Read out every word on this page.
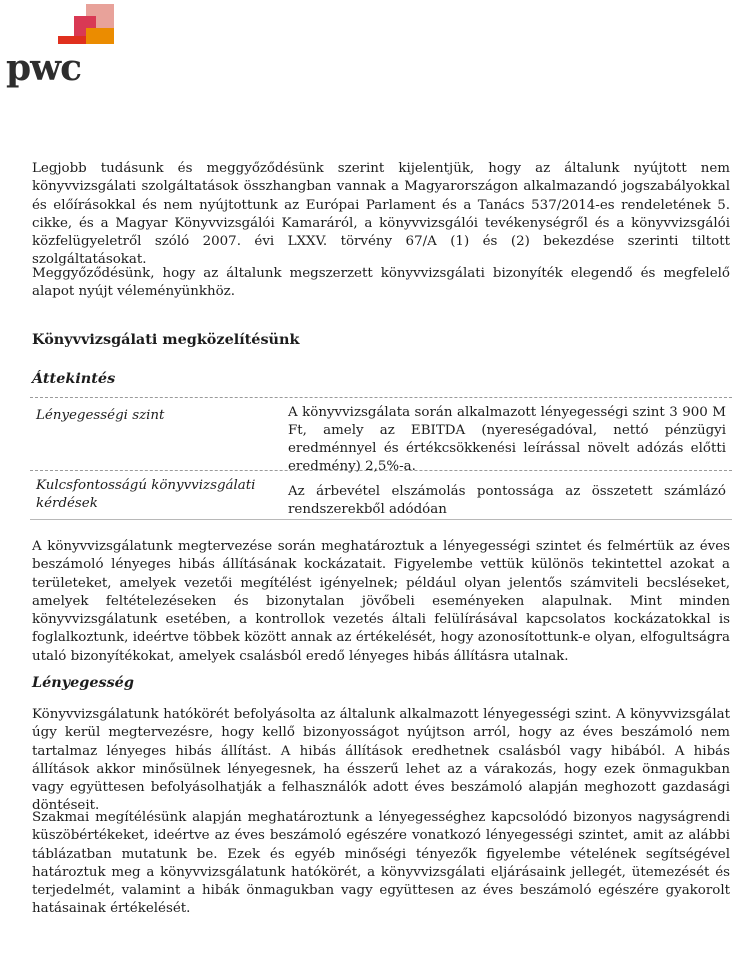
pwc

Legjobb tudásunk és meggyőződésünk szerint kijelentjük, hogy az általunk nyújtott nem könyvvizsgálati szolgáltatások összhangban vannak a Magyarországon alkalmazandó jogszabályokkal és előírásokkal és nem nyújtottunk az Európai Parlament és a Tanács 537/2014-es rendeletének 5. cikke, és a Magyar Könyvvizsgálói Kamaráról, a könyvvizsgálói tevékenységről és a könyvvizsgálói közfelügyeletről szóló 2007. évi LXXV. törvény 67/A (1) és (2) bekezdése szerinti tiltott szolgáltatásokat.

Meggyőződésünk, hogy az általunk megszerzett könyvvizsgálati bizonyíték elegendő és megfelelő alapot nyújt véleményünkhöz.

Könyvvizsgálati megközelítésünk
Áttekintés
Lényegességi szint	A könyvvizsgálata során alkalmazott lényegességi szint 3 900 M Ft, amely az EBITDA (nyereségadóval, nettó pénzügyi eredménnyel és értékcsökkenési leírással növelt adózás előtti eredmény) 2,5%-a.
Kulcsfontosságú könyvvizsgálati kérdések
Az árbevétel elszámolás pontossága az összetett számlázó rendszerekből adódóan

A könyvvizsgálatunk megtervezése során meghatároztuk a lényegességi szintet és felmértük az éves beszámoló lényeges hibás állításának kockázatait. Figyelembe vettük különös tekintettel azokat a területeket, amelyek vezetői megítélést igényelnek; például olyan jelentős számviteli becsléseket, amelyek feltételezéseken és bizonytalan jövőbeli eseményeken alapulnak. Mint minden könyvvizsgálatunk esetében, a kontrollok vezetés általi felülírásával kapcsolatos kockázatokkal is foglalkoztunk, ideértve többek között annak az értékelését, hogy azonosítottunk-e olyan, elfogultságra utaló bizonyítékokat, amelyek csalásból eredő lényeges hibás állításra utalnak.

Lényegesség

Könyvvizsgálatunk hatókörét befolyásolta az általunk alkalmazott lényegességi szint. A könyvvizsgálat úgy kerül megtervezésre, hogy kellő bizonyosságot nyújtson arról, hogy az éves beszámoló nem tartalmaz lényeges hibás állítást. A hibás állítások eredhetnek csalásból vagy hibából. A hibás állítások akkor minősülnek lényegesnek, ha ésszerű lehet az a várakozás, hogy ezek önmagukban vagy együttesen befolyásolhatják a felhasználók adott éves beszámoló alapján meghozott gazdasági döntéseit.

Szakmai megítélésünk alapján meghatároztunk a lényegességhez kapcsolódó bizonyos nagyságrendi küszöbértékeket, ideértve az éves beszámoló egészére vonatkozó lényegességi szintet, amit az alábbi táblázatban mutatunk be. Ezek és egyéb minőségi tényezők figyelembe vételének segítségével határoztuk meg a könyvvizsgálatunk hatókörét, a könyvvizsgálati eljárásaink jellegét, ütemezését és terjedelmét, valamint a hibák önmagukban vagy együttesen az éves beszámoló egészére gyakorolt hatásainak értékelését.
